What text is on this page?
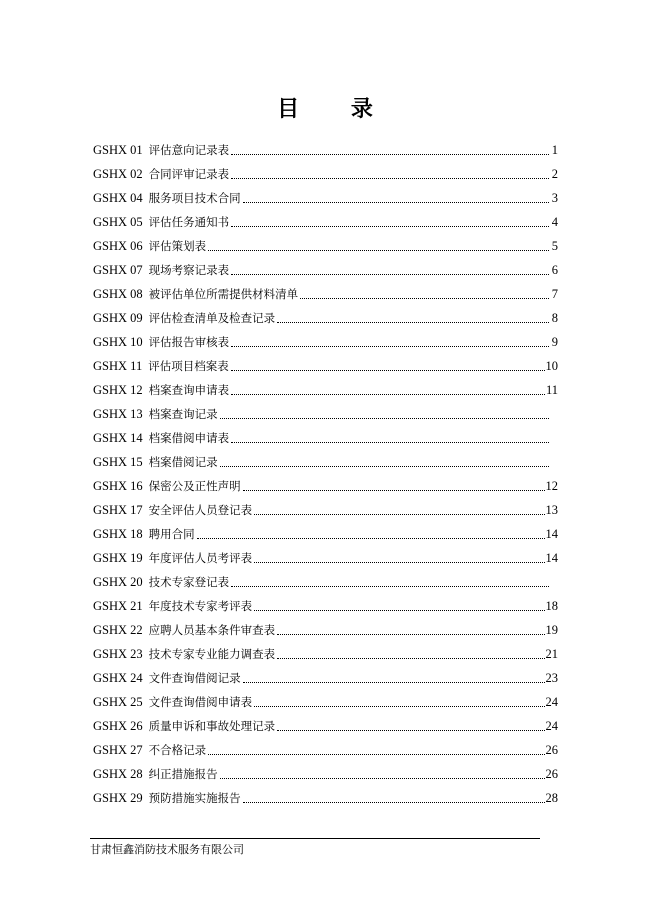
目 录
GSHX 01 评估意向记录表	1
GSHX 02 合同评审记录表	2
GSHX 04 服务项目技术合同	3
GSHX 05 评估任务通知书	4
GSHX 06 评估策划表	5
GSHX 07 现场考察记录表	6
GSHX 08 被评估单位所需提供材料清单	7
GSHX 09 评估检查清单及检查记录	8
GSHX 10 评估报告审核表	9
GSHX 11 评估项目档案表	10
GSHX 12 档案查询申请表	11
GSHX 13 档案查询记录
GSHX 14 档案借阅申请表
GSHX 15 档案借阅记录
GSHX 16 保密公及正性声明	12
GSHX 17 安全评估人员登记表	13
GSHX 18 聘用合同	14
GSHX 19 年度评估人员考评表	14
GSHX 20 技术专家登记表
GSHX 21 年度技术专家考评表	18
GSHX 22 应聘人员基本条件审查表	19
GSHX 23 技术专家专业能力调查表	21
GSHX 24 文件查询借阅记录	23
GSHX 25 文件查询借阅申请表	24
GSHX 26 质量申诉和事故处理记录	24
GSHX 27 不合格记录	26
GSHX 28 纠正措施报告	26
GSHX 29 预防措施实施报告	28
甘肃恒鑫消防技术服务有限公司
